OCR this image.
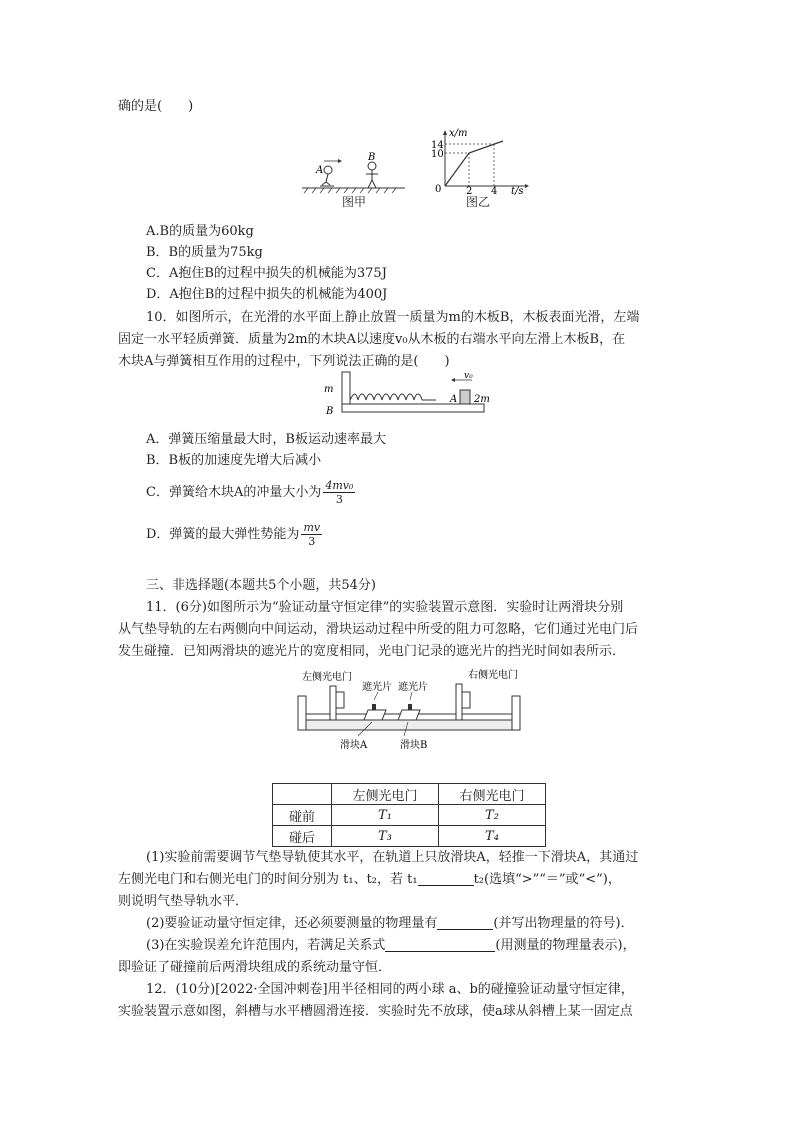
确的是(　　)
A
B
图甲
x/m
t/s
0
14
10
2 4
图乙
A.B的质量为60kg
B．B的质量为75kg
C．A抱住B的过程中损失的机械能为375J
D．A抱住B的过程中损失的机械能为400J
10．如图所示，在光滑的水平面上静止放置一质量为m的木板B，木板表面光滑，左端
固定一水平轻质弹簧．质量为2m的木块A以速度v₀从木板的右端水平向左滑上木板B，在
木块A与弹簧相互作用的过程中，下列说法正确的是(　　)
v₀
A 2m
m
B
A．弹簧压缩量最大时，B板运动速率最大
B．B板的加速度先增大后减小
C．弹簧给木块A的冲量大小为 $\frac{\text{4mv₀}}{3}$
D．弹簧的最大弹性势能为 $\frac{mv}{3}$
三、非选择题(本题共5个小题，共54分)
11．(6分)如图所示为“验证动量守恒定律”的实验装置示意图．实验时让两滑块分别
从气垫导轨的左右两侧向中间运动，滑块运动过程中所受的阻力可忽略，它们通过光电门后
发生碰撞．已知两滑块的遮光片的宽度相同，光电门记录的遮光片的挡光时间如表所示．
左侧光电门	右侧光电门
遮光片 遮光片
滑块A	滑块B
	左侧光电门	右侧光电门
碰前	T₁	T₂
碰后	T₃	T₄
(1)实验前需要调节气垫导轨使其水平，在轨道上只放滑块A，轻推一下滑块A，其通过
左侧光电门和右侧光电门的时间分别为 t₁、t₂，若 t₁	t₂(选填“>”“＝”或“<”)，
则说明气垫导轨水平．
(2)要验证动量守恒定律，还必须要测量的物理量有	(并写出物理量的符号)．
(3)在实验误差允许范围内，若满足关系式	(用测量的物理量表示)，
即验证了碰撞前后两滑块组成的系统动量守恒．
12．(10分)[2022·全国冲刺卷]用半径相同的两小球 a、b的碰撞验证动量守恒定律，
实验装置示意如图，斜槽与水平槽圆滑连接．实验时先不放球，使a球从斜槽上某一固定点
